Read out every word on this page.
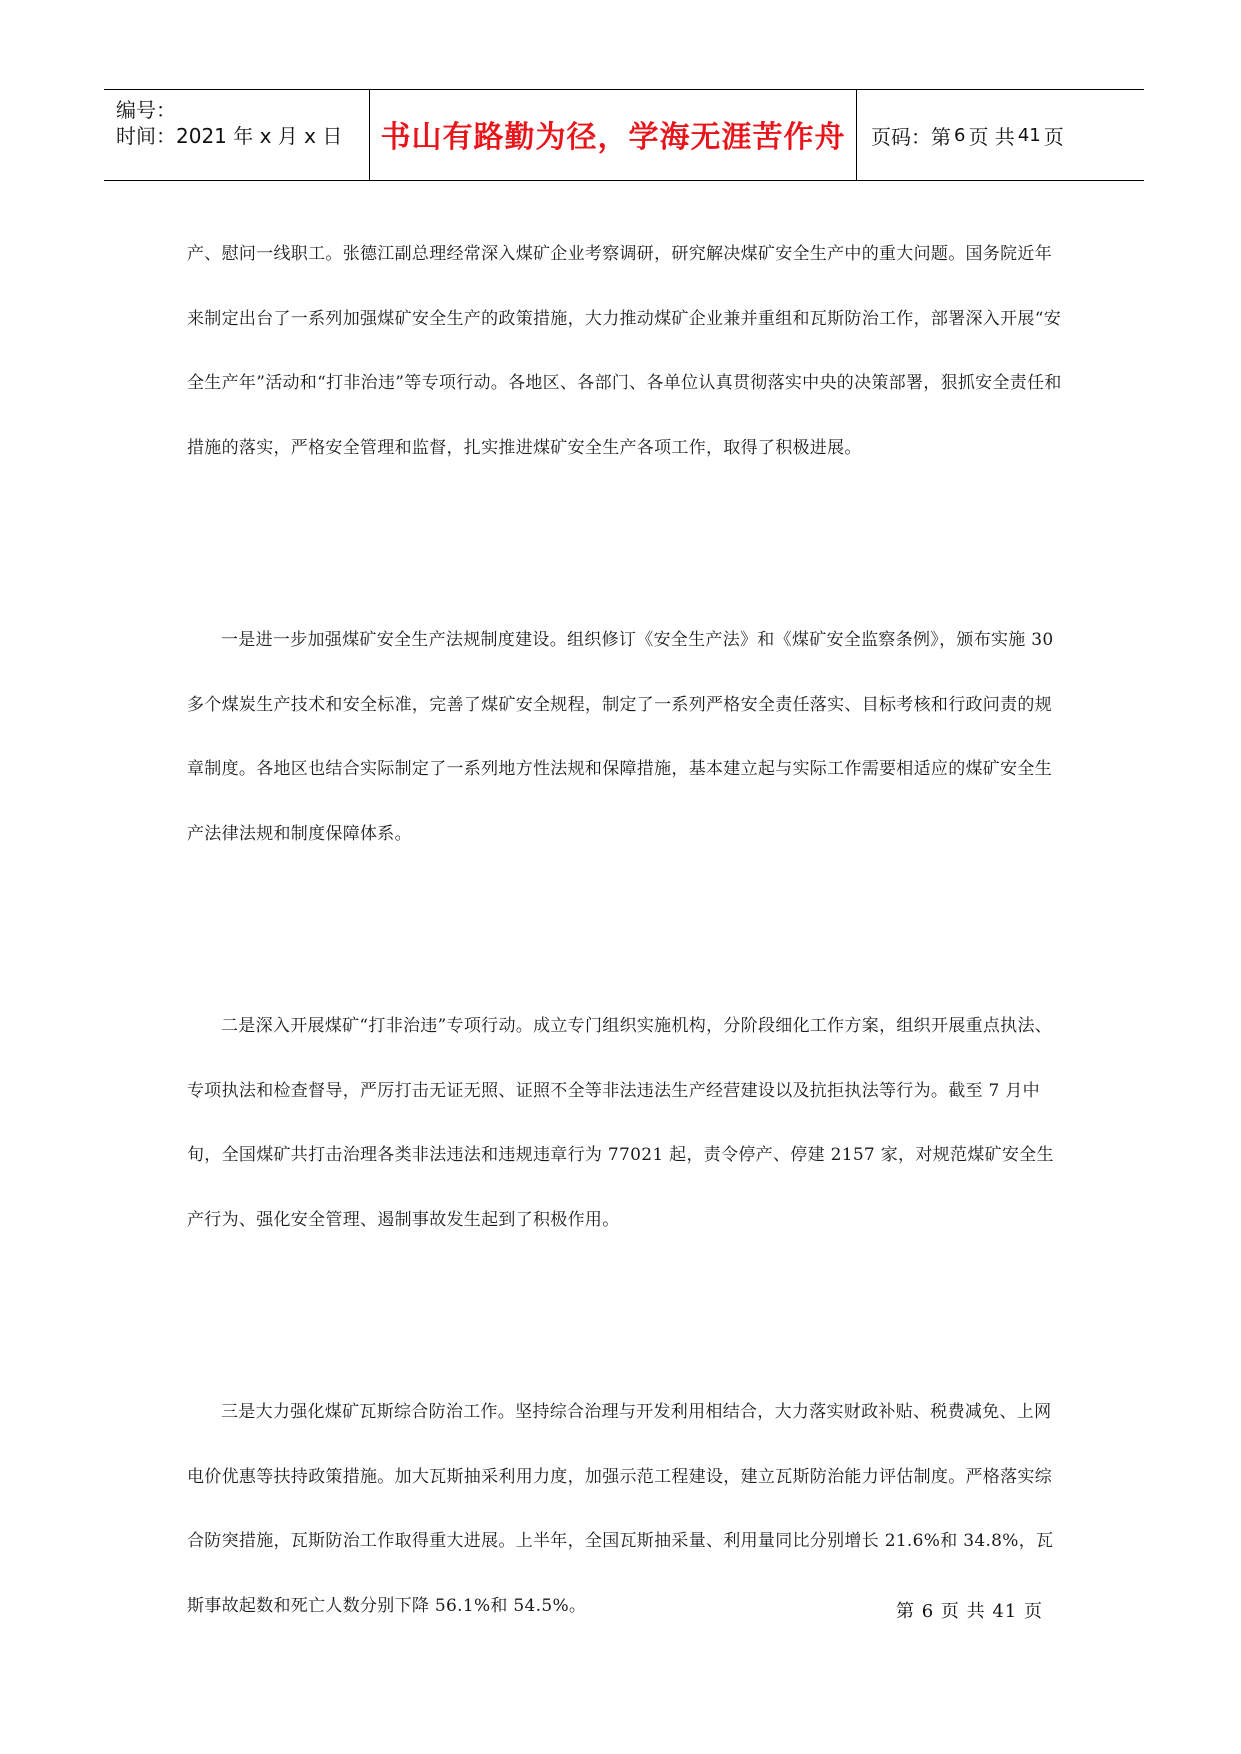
编号：
时间：2021 年 x 月 x 日 书山有路勤为径，学海无涯苦作舟 页码：第 6 页 共 41 页

产、慰问一线职工。张德江副总理经常深入煤矿企业考察调研，研究解决煤矿安全生产中的重大问题。国务院近年来制定出台了一系列加强煤矿安全生产的政策措施，大力推动煤矿企业兼并重组和瓦斯防治工作，部署深入开展“安全生产年”活动和“打非治违”等专项行动。各地区、各部门、各单位认真贯彻落实中央的决策部署，狠抓安全责任和措施的落实，严格安全管理和监督，扎实推进煤矿安全生产各项工作，取得了积极进展。

一是进一步加强煤矿安全生产法规制度建设。组织修订《安全生产法》和《煤矿安全监察条例》，颁布实施 30 多个煤炭生产技术和安全标准，完善了煤矿安全规程，制定了一系列严格安全责任落实、目标考核和行政问责的规章制度。各地区也结合实际制定了一系列地方性法规和保障措施，基本建立起与实际工作需要相适应的煤矿安全生产法律法规和制度保障体系。

二是深入开展煤矿“打非治违”专项行动。成立专门组织实施机构，分阶段细化工作方案，组织开展重点执法、专项执法和检查督导，严厉打击无证无照、证照不全等非法违法生产经营建设以及抗拒执法等行为。截至 7 月中旬，全国煤矿共打击治理各类非法违法和违规违章行为 77021 起，责令停产、停建 2157 家，对规范煤矿安全生产行为、强化安全管理、遏制事故发生起到了积极作用。

三是大力强化煤矿瓦斯综合防治工作。坚持综合治理与开发利用相结合，大力落实财政补贴、税费减免、上网电价优惠等扶持政策措施。加大瓦斯抽采利用力度，加强示范工程建设，建立瓦斯防治能力评估制度。严格落实综合防突措施，瓦斯防治工作取得重大进展。上半年，全国瓦斯抽采量、利用量同比分别增长 21.6%和 34.8%，瓦斯事故起数和死亡人数分别下降 56.1%和 54.5%。	第 6 页 共 41 页
